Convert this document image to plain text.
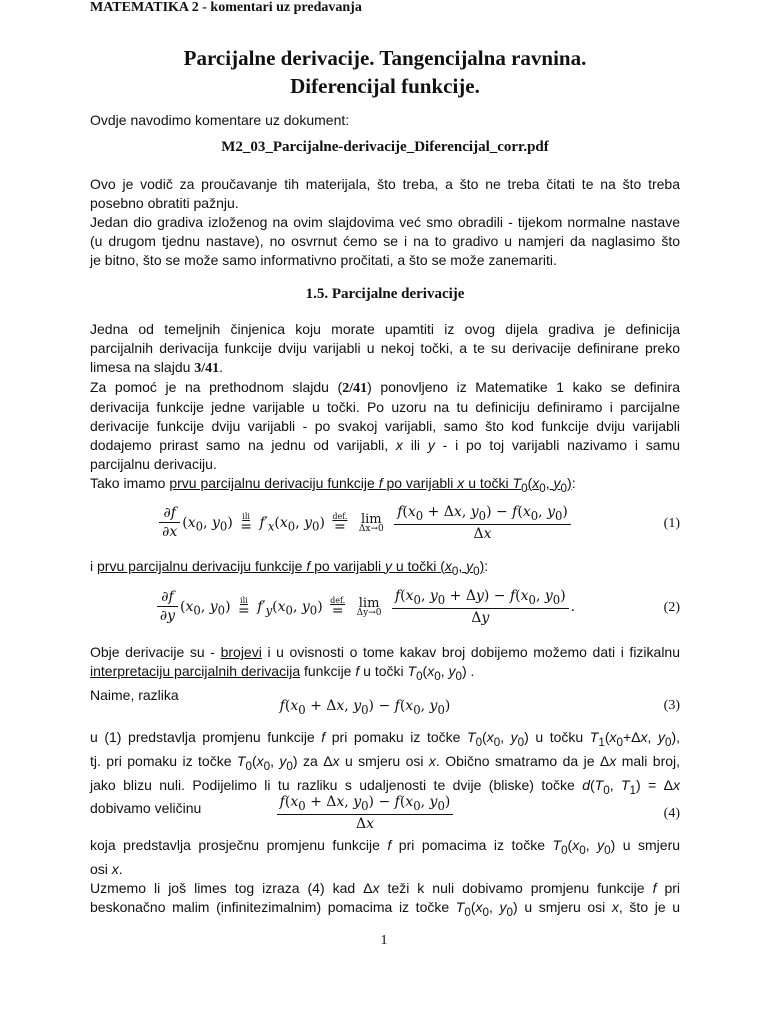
MATEMATIKA 2 - komentari uz predavanja
Parcijalne derivacije. Tangencijalna ravnina.
Diferencijal funkcije.
Ovdje navodimo komentare uz dokument:
M2_03_Parcijalne-derivacije_Diferencijal_corr.pdf
Ovo je vodič za proučavanje tih materijala, što treba, a što ne treba čitati te na što treba
posebno obratiti pažnju.
Jedan dio gradiva izloženog na ovim slajdovima već smo obradili - tijekom normalne nastave
(u drugom tjednu nastave), no osvrnut ćemo se i na to gradivo u namjeri da naglasimo što
je bitno, što se može samo informativno pročitati, a što se može zanemariti.
1.5. Parcijalne derivacije
Jedna od temeljnih činjenica koju morate upamtiti iz ovog dijela gradiva je definicija
parcijalnih derivacija funkcije dviju varijabli u nekoj točki, a te su derivacije definirane preko
limesa na slajdu 3/41.
Za pomoć je na prethodnom slajdu (2/41) ponovljeno iz Matematike 1 kako se definira
derivacija funkcije jedne varijable u točki. Po uzoru na tu definiciju definiramo i parcijalne
derivacije funkcije dviju varijabli - po svakoj varijabli, samo što kod funkcije dviju varijabli
dodajemo prirast samo na jednu od varijabli, x ili y - i po toj varijabli nazivamo i samu
parcijalnu derivaciju.
Tako imamo prvu parcijalnu derivaciju funkcije f po varijabli x u točki $T_0(x_0$, $y_0$):
$\frac{\partial f}{\partial x} (x_0$, $y_0$) ili
= $f'_x(x_0$, $y_0$) def.
=
lim
Δx→0
$\frac{f(x_0 + \Delta x, y_0) - f(x_0, y_0)}{\Delta x}$	(1)
i prvu parcijalnu derivaciju funkcije f po varijabli y u točki ($x_0$, $y_0$):
$\frac{\partial f}{\partial y} (x_0$, $y_0$) ili
= $f'_y(x_0$, $y_0$) def.
=
lim
Δy→0
$\frac{f(x_0, y_0 + \Delta y) - f(x_0, y_0)}{\Delta y}$ .	(2)
Obje derivacije su - brojevi i u ovisnosti o tome kakav broj dobijemo možemo dati i fizikalnu
interpretaciju parcijalnih derivacija funkcije f u točki $T_0(x_0$, $y_0$) .
Naime, razlika
$f(x_0 + \Delta x$, $y_0) - f(x_0$, $y_0$)	(3)
u (1) predstavlja promjenu funkcije f pri pomaku iz točke $T_0(x_0$, $y_0$) u točku $T_1(x_0+\Delta x$, $y_0$),
tj. pri pomaku iz točke $T_0(x_0$, $y_0$) za Δx u smjeru osi x. Obično smatramo da je Δx mali broj,
jako blizu nuli. Podijelimo li tu razliku s udaljenosti te dvije (bliske) točke $d(T_0$, $T_1) = \Delta x$
dobivamo veličinu	$\frac{f(x_0 + \Delta x, y_0) - f(x_0, y_0)}{\Delta x}$	(4)
koja predstavlja prosječnu promjenu funkcije f pri pomacima iz točke $T_0(x_0$, $y_0$) u smjeru
osi x.
Uzmemo li još limes tog izraza (4) kad Δx teži k nuli dobivamo promjenu funkcije f pri
beskonačno malim (infinitezimalnim) pomacima iz točke $T_0(x_0$, $y_0$) u smjeru osi x, što je u
1
